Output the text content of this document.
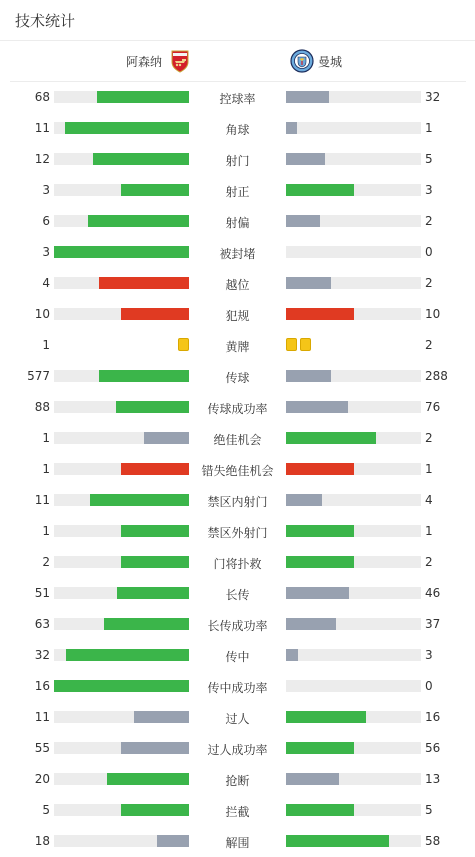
技术统计
阿森纳	曼城
68	控球率	32
11	角球	1
12	射门	5
3	射正	3
6	射偏	2
3	被封堵	0
4	越位	2
10	犯规	10
1	黄牌	2
577	传球	288
88	传球成功率	76
1	绝佳机会	2
1	错失绝佳机会	1
11	禁区内射门	4
1	禁区外射门	1
2	门将扑救	2
51	长传	46
63	长传成功率	37
32	传中	3
16	传中成功率	0
11	过人	16
55	过人成功率	56
20	抢断	13
5	拦截	5
18	解围	58
